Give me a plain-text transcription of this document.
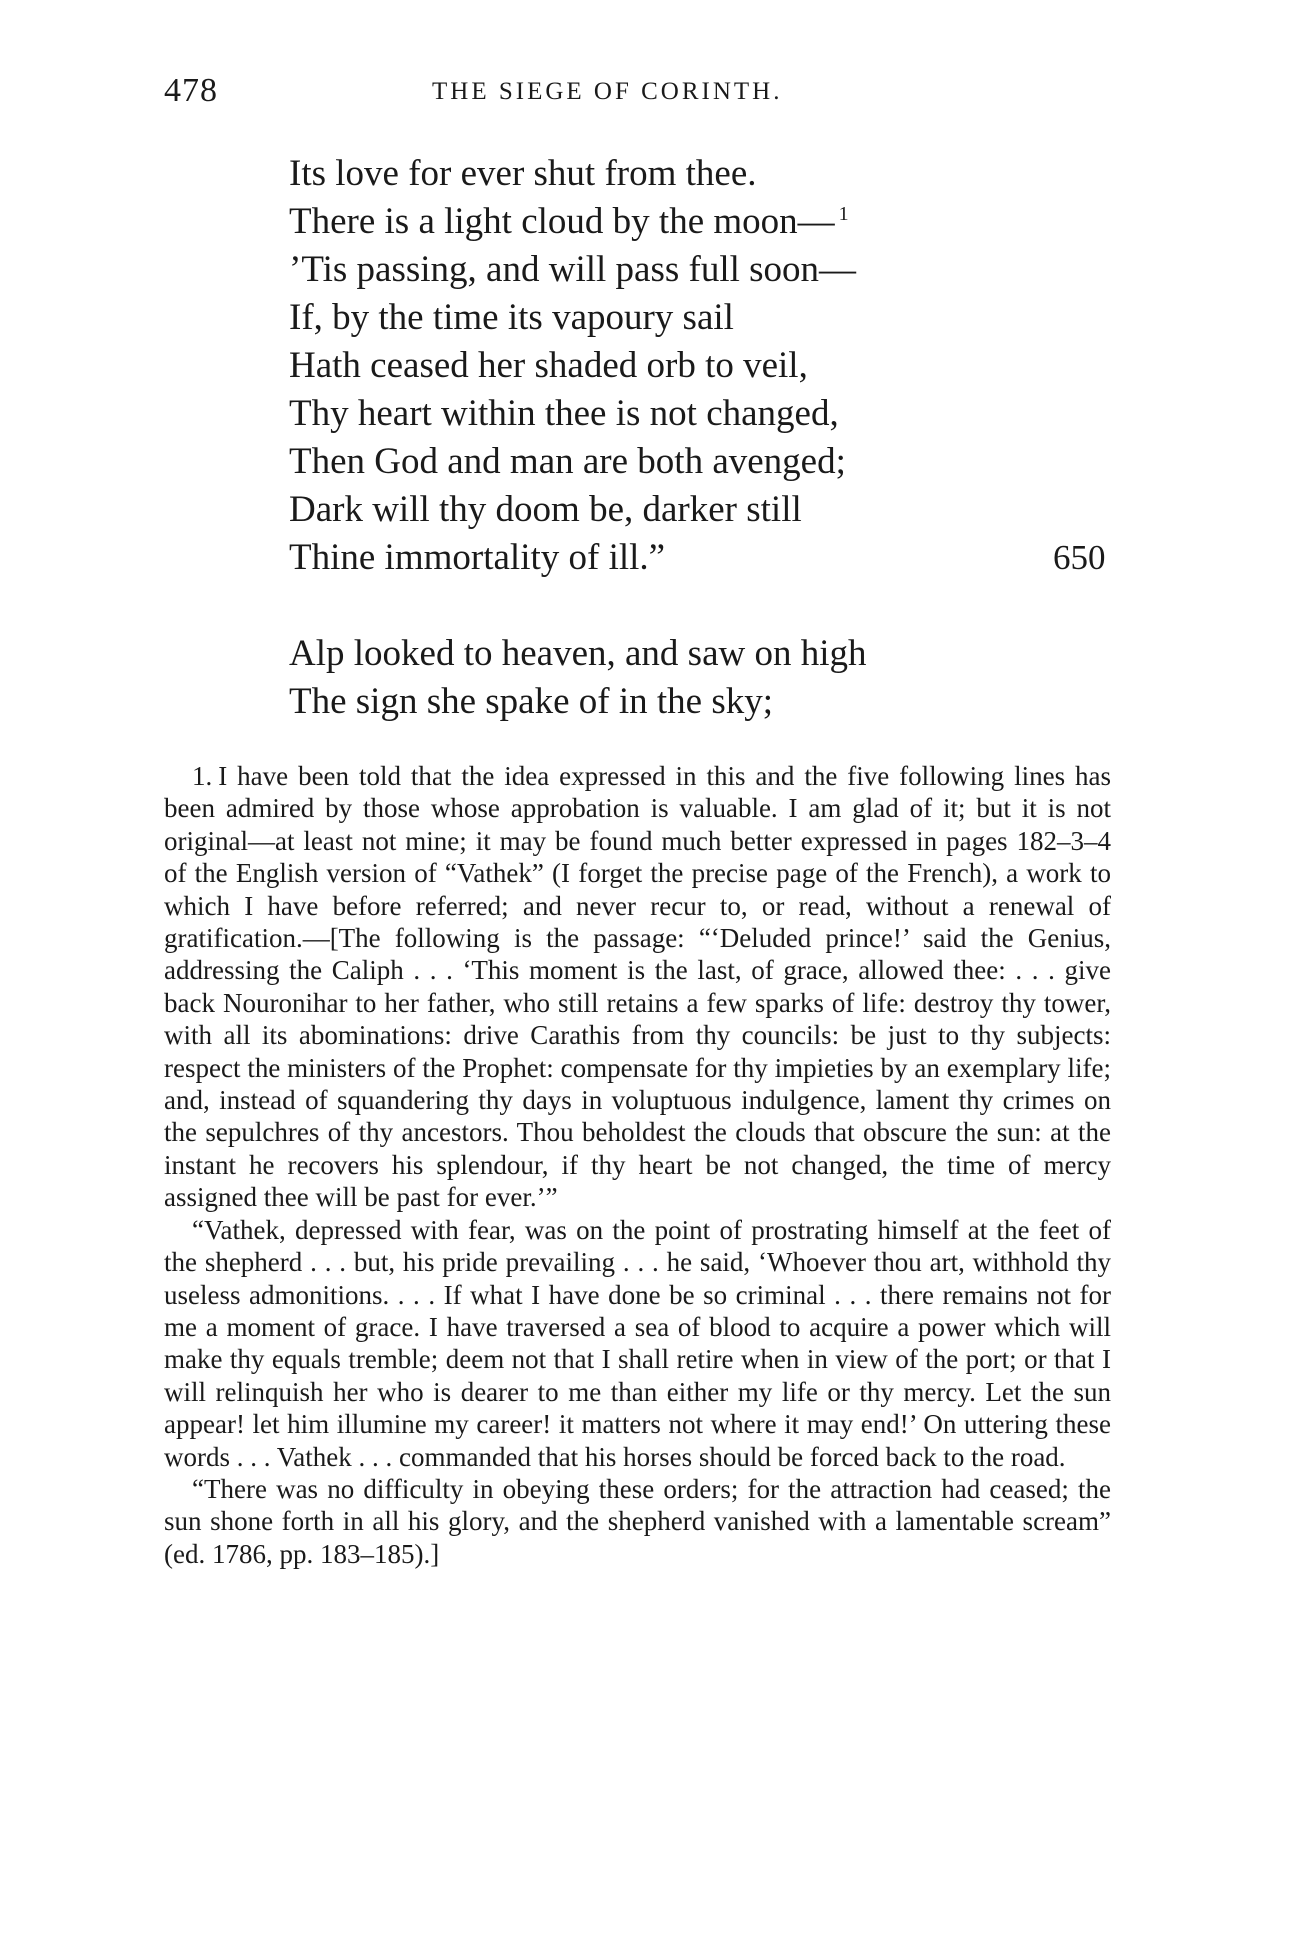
478	THE SIEGE OF CORINTH.
Its love for ever shut from thee.
There is a light cloud by the moon— $^1$
’Tis passing, and will pass full soon—
If, by the time its vapoury sail
Hath ceased her shaded orb to veil,
Thy heart within thee is not changed,
Then God and man are both avenged;
Dark will thy doom be, darker still
Thine immortality of ill.”	650
Alp looked to heaven, and saw on high
The sign she spake of in the sky;

1. I have been told that the idea expressed in this and the five following lines has been admired by those whose approbation is valuable. I am glad of it; but it is not original—at least not mine; it may be found much better expressed in pages 182–3–4 of the English version of “Vathek” (I forget the precise page of the French), a work to which I have before referred; and never recur to, or read, without a renewal of gratification.—[The following is the passage: “‘Deluded prince!’ said the Genius, addressing the Caliph . . . ‘This moment is the last, of grace, allowed thee: . . . give back Nouronihar to her father, who still retains a few sparks of life: destroy thy tower, with all its abominations: drive Carathis from thy councils: be just to thy subjects: respect the ministers of the Prophet: compensate for thy impieties by an exemplary life; and, instead of squandering thy days in voluptuous indulgence, lament thy crimes on the sepulchres of thy ancestors. Thou beholdest the clouds that obscure the sun: at the instant he recovers his splendour, if thy heart be not changed, the time of mercy assigned thee will be past for ever.’”

“Vathek, depressed with fear, was on the point of prostrating himself at the feet of the shepherd . . . but, his pride prevailing . . . he said, ‘Whoever thou art, withhold thy useless admonitions. . . . If what I have done be so criminal . . . there remains not for me a moment of grace. I have traversed a sea of blood to acquire a power which will make thy equals tremble; deem not that I shall retire when in view of the port; or that I will relinquish her who is dearer to me than either my life or thy mercy. Let the sun appear! let him illumine my career! it matters not where it may end!’ On uttering these words . . . Vathek . . . commanded that his horses should be forced back to the road.

“There was no difficulty in obeying these orders; for the attraction had ceased; the sun shone forth in all his glory, and the shepherd vanished with a lamentable scream” (ed. 1786, pp. 183–185).]
